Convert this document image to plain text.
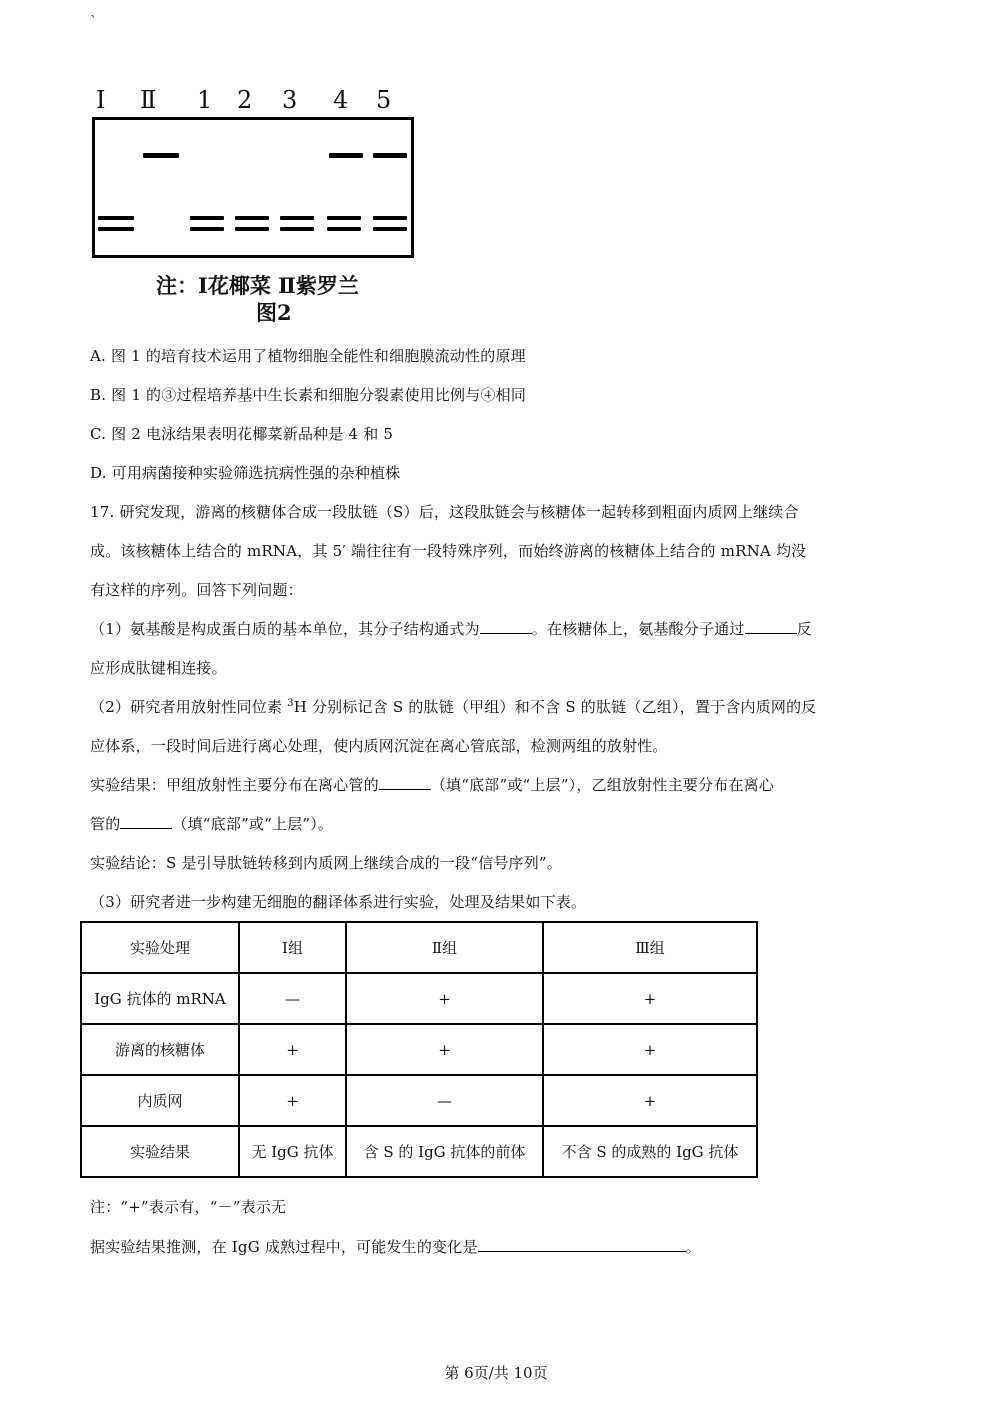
`
Ⅰ Ⅱ 1 2 3 4 5
注：Ⅰ花椰菜 Ⅱ紫罗兰
图2
A. 图 1 的培育技术运用了植物细胞全能性和细胞膜流动性的原理
B. 图 1 的③过程培养基中生长素和细胞分裂素使用比例与④相同
C. 图 2 电泳结果表明花椰菜新品种是 4 和 5
D. 可用病菌接种实验筛选抗病性强的杂种植株
17. 研究发现，游离的核糖体合成一段肽链（S）后，这段肽链会与核糖体一起转移到粗面内质网上继续合
成。该核糖体上结合的 mRNA，其 5′ 端往往有一段特殊序列，而始终游离的核糖体上结合的 mRNA 均没
有这样的序列。回答下列问题：
（1）氨基酸是构成蛋白质的基本单位，其分子结构通式为	。在核糖体上，氨基酸分子通过	反
应形成肽键相连接。
（2）研究者用放射性同位素 $^3$H 分别标记含 S 的肽链（甲组）和不含 S 的肽链（乙组），置于含内质网的反
应体系，一段时间后进行离心处理，使内质网沉淀在离心管底部，检测两组的放射性。
实验结果：甲组放射性主要分布在离心管的	（填“底部”或“上层”），乙组放射性主要分布在离心
管的	（填“底部”或“上层”）。
实验结论：S 是引导肽链转移到内质网上继续合成的一段“信号序列”。
（3）研究者进一步构建无细胞的翻译体系进行实验，处理及结果如下表。
实验处理	Ⅰ组	Ⅱ组	Ⅲ组
IgG 抗体的 mRNA	—	+	+
游离的核糖体	+	+	+
内质网	+	—	+
实验结果	无 IgG 抗体	含 S 的 IgG 抗体的前体	不含 S 的成熟的 IgG 抗体
注：“+”表示有，“－”表示无
据实验结果推测，在 IgG 成熟过程中，可能发生的变化是	。
第 6页/共 10页
